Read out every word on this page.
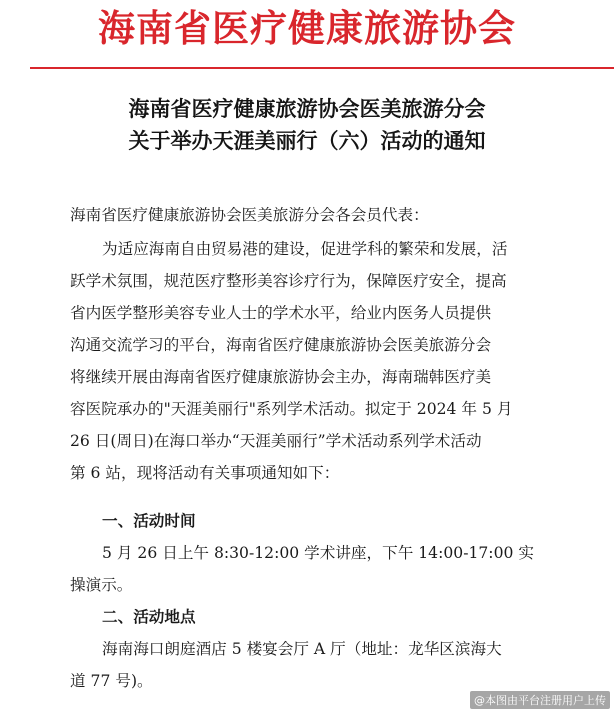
海南省医疗健康旅游协会
海南省医疗健康旅游协会医美旅游分会
关于举办天涯美丽行（六）活动的通知
海南省医疗健康旅游协会医美旅游分会各会员代表：
为适应海南自由贸易港的建设，促进学科的繁荣和发展，活
跃学术氛围，规范医疗整形美容诊疗行为，保障医疗安全，提高
省内医学整形美容专业人士的学术水平，给业内医务人员提供
沟通交流学习的平台，海南省医疗健康旅游协会医美旅游分会
将继续开展由海南省医疗健康旅游协会主办，海南瑞韩医疗美
容医院承办的"天涯美丽行"系列学术活动。拟定于 2024 年 5 月
26 日(周日)在海口举办“天涯美丽行”学术活动系列学术活动
第 6 站，现将活动有关事项通知如下：
一、活动时间
5 月 26 日上午 8:30-12:00 学术讲座，下午 14:00-17:00 实
操演示。
二、活动地点
海南海口朗庭酒店 5 楼宴会厅 A 厅（地址：龙华区滨海大
道 77 号)。
@本图由平台注册用户上传
